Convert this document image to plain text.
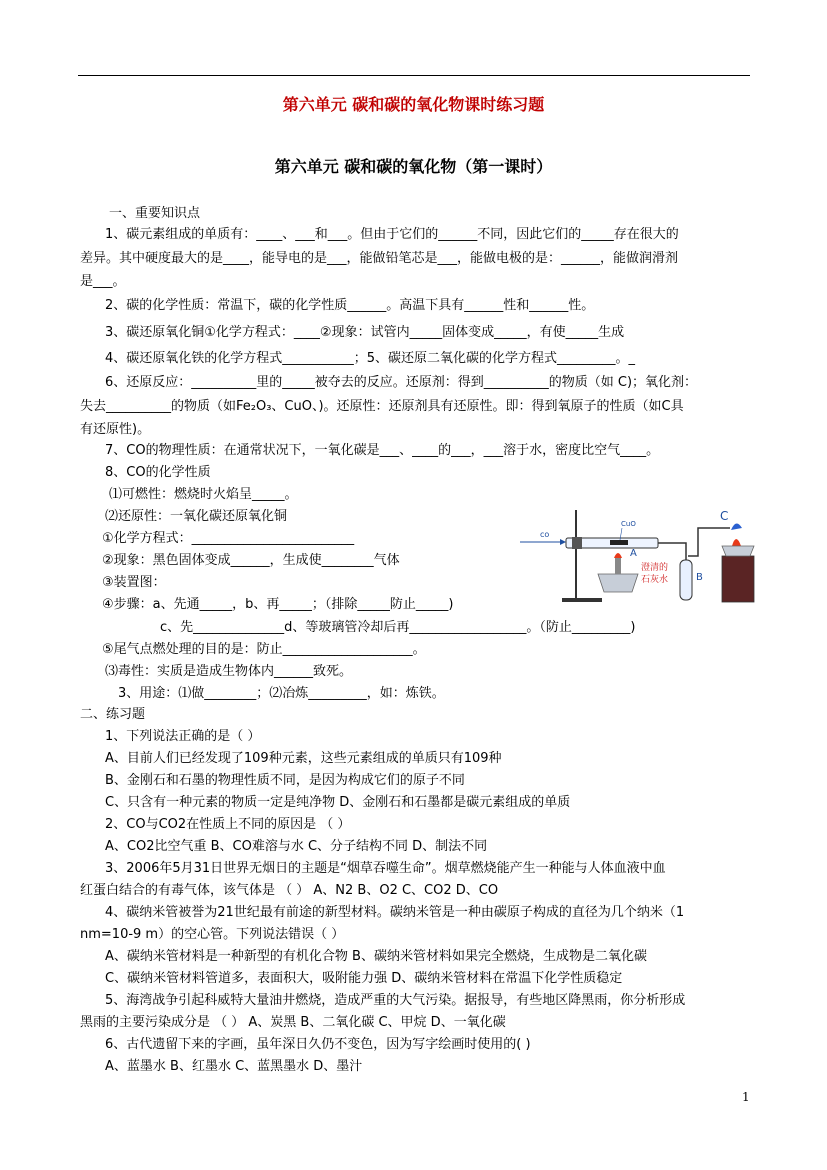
第六单元 碳和碳的氧化物课时练习题
第六单元 碳和碳的氧化物（第一课时）
一、重要知识点
1、碳元素组成的单质有：____、___和___。但由于它们的______不同，因此它们的_____存在很大的
差异。其中硬度最大的是____，能导电的是___，能做铅笔芯是___，能做电极的是：______，能做润滑剂
是___。
2、碳的化学性质：常温下，碳的化学性质______。高温下具有______性和______性。
3、碳还原氧化铜①化学方程式：____②现象：试管内_____固体变成_____，有使_____生成
4、碳还原氧化铁的化学方程式___________；5、碳还原二氧化碳的化学方程式_________。_
6、还原反应：__________里的_____被夺去的反应。还原剂：得到__________的物质（如 C)；氧化剂：
失去__________的物质（如Fe₂O₃、CuO、)。还原性：还原剂具有还原性。即：得到氧原子的性质（如C具
有还原性)。
7、CO的物理性质：在通常状况下，一氧化碳是___、____的___，___溶于水，密度比空气____。
8、CO的化学性质
⑴可燃性：燃烧时火焰呈_____。
⑵还原性：一氧化碳还原氧化铜
①化学方程式：_________________________
②现象：黑色固体变成______，生成使________气体
③装置图：
④步骤：a、先通_____，b、再_____；（排除_____防止_____)
c、先______________d、等玻璃管冷却后再__________________。（防止_________)
⑤尾气点燃处理的目的是：防止____________________。
⑶毒性：实质是造成生物体内______致死。
3、用途：⑴做________；⑵冶炼_________，如：炼铁。
二、练习题
1、下列说法正确的是（ ）
A、目前人们已经发现了109种元素，这些元素组成的单质只有109种
B、金刚石和石墨的物理性质不同，是因为构成它们的原子不同
C、只含有一种元素的物质一定是纯净物 D、金刚石和石墨都是碳元素组成的单质
2、CO与CO2在性质上不同的原因是 （ ）
A、CO2比空气重 B、CO难溶与水 C、分子结构不同 D、制法不同
3、2006年5月31日世界无烟日的主题是“烟草吞噬生命”。烟草燃烧能产生一种能与人体血液中血
红蛋白结合的有毒气体，该气体是 （ ） A、N2 B、O2 C、CO2 D、CO
4、碳纳米管被誉为21世纪最有前途的新型材料。碳纳米管是一种由碳原子构成的直径为几个纳米（1
nm=10-9 m）的空心管。下列说法错误（ ）
A、碳纳米管材料是一种新型的有机化合物 B、碳纳米管材料如果完全燃烧，生成物是二氧化碳
C、碳纳米管材料管道多，表面积大，吸附能力强 D、碳纳米管材料在常温下化学性质稳定
5、海湾战争引起科威特大量油井燃烧，造成严重的大气污染。据报导，有些地区降黑雨，你分析形成
黑雨的主要污染成分是 （ ） A、炭黑 B、二氧化碳 C、甲烷 D、一氧化碳
6、古代遗留下来的字画，虽年深日久仍不变色，因为写字绘画时使用的( )
A、蓝墨水 B、红墨水 C、蓝黑墨水 D、墨汁
co
CuO
A
澄清的
石灰水	B
C
1
